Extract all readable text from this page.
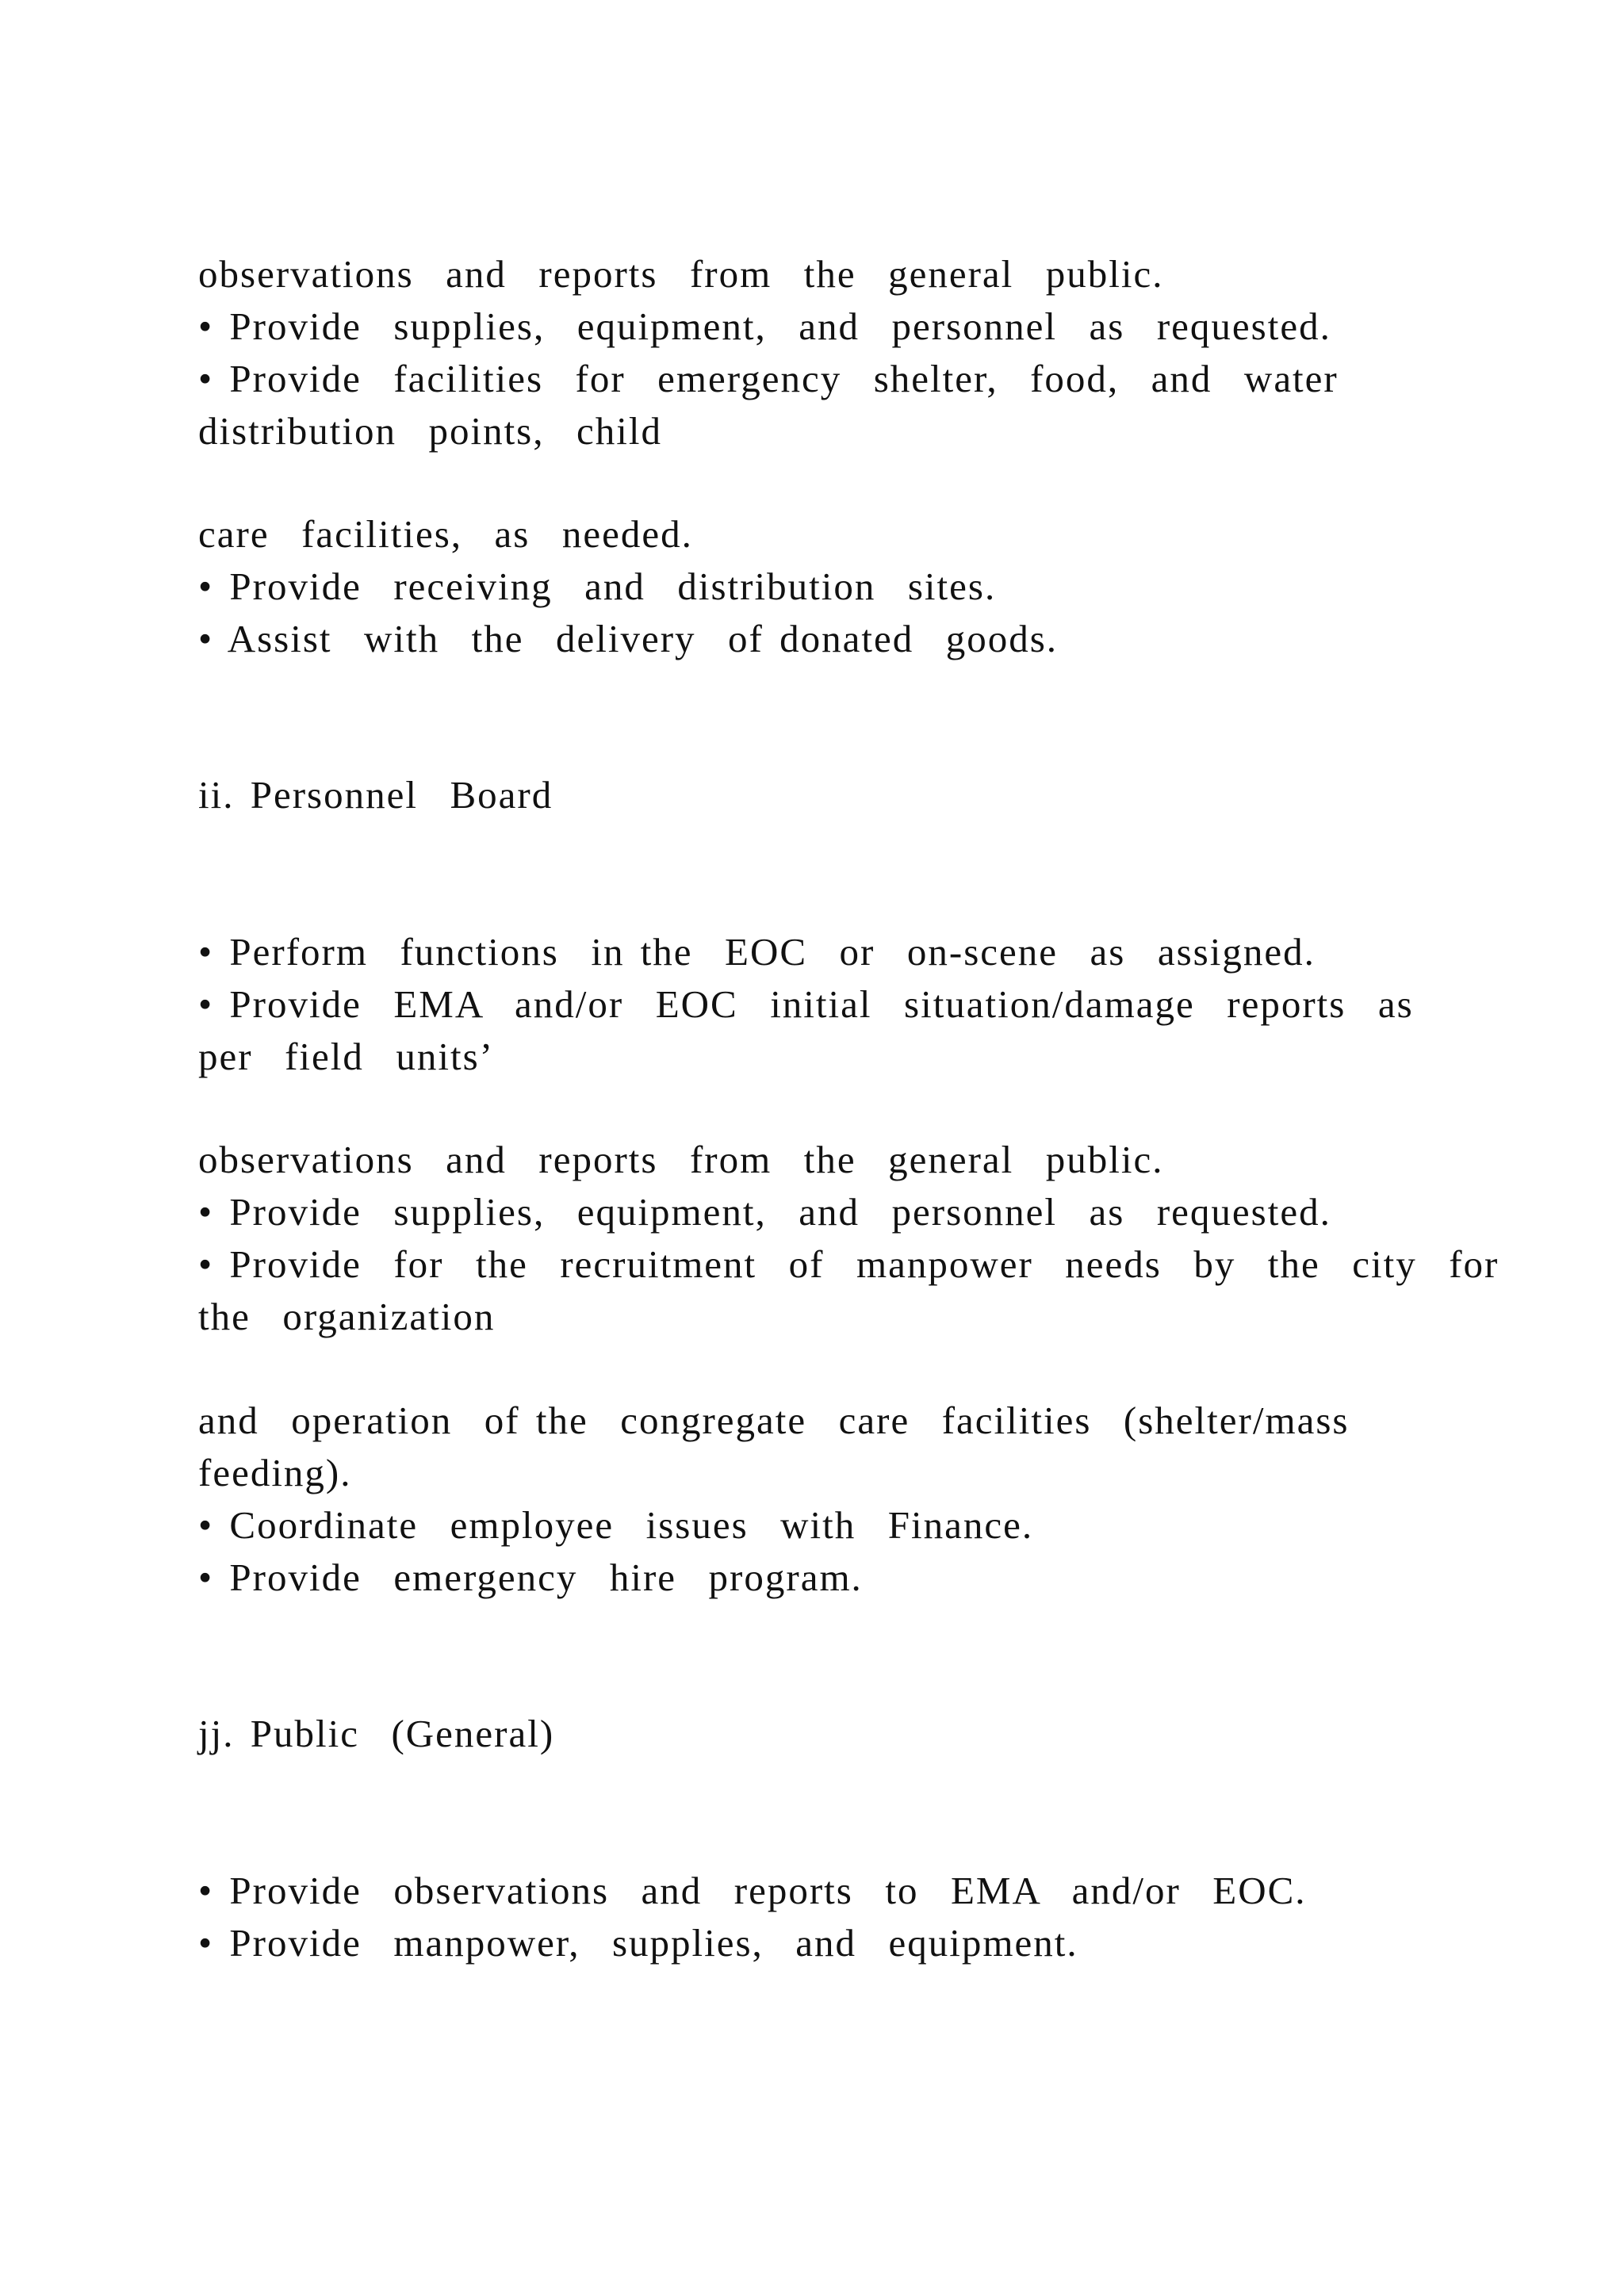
observations  and  reports  from  the  general  public.
• Provide  supplies,  equipment,  and  personnel  as  requested.
• Provide  facilities  for  emergency  shelter,  food,  and  water
distribution  points,  child
care  facilities,  as  needed.
• Provide  receiving  and  distribution  sites.
• Assist  with  the  delivery  of donated  goods.
ii. Personnel  Board
• Perform  functions  in the  EOC  or  on-scene  as  assigned.
• Provide  EMA  and/or  EOC  initial  situation/damage  reports  as
per  field  units’
observations  and  reports  from  the  general  public.
• Provide  supplies,  equipment,  and  personnel  as  requested.
• Provide  for  the  recruitment  of  manpower  needs  by  the  city  for
the  organization
and  operation  of the  congregate  care  facilities  (shelter/mass
feeding).
• Coordinate  employee  issues  with  Finance.
• Provide  emergency  hire  program.
jj. Public  (General)
• Provide  observations  and  reports  to  EMA  and/or  EOC.
• Provide  manpower,  supplies,  and  equipment.
